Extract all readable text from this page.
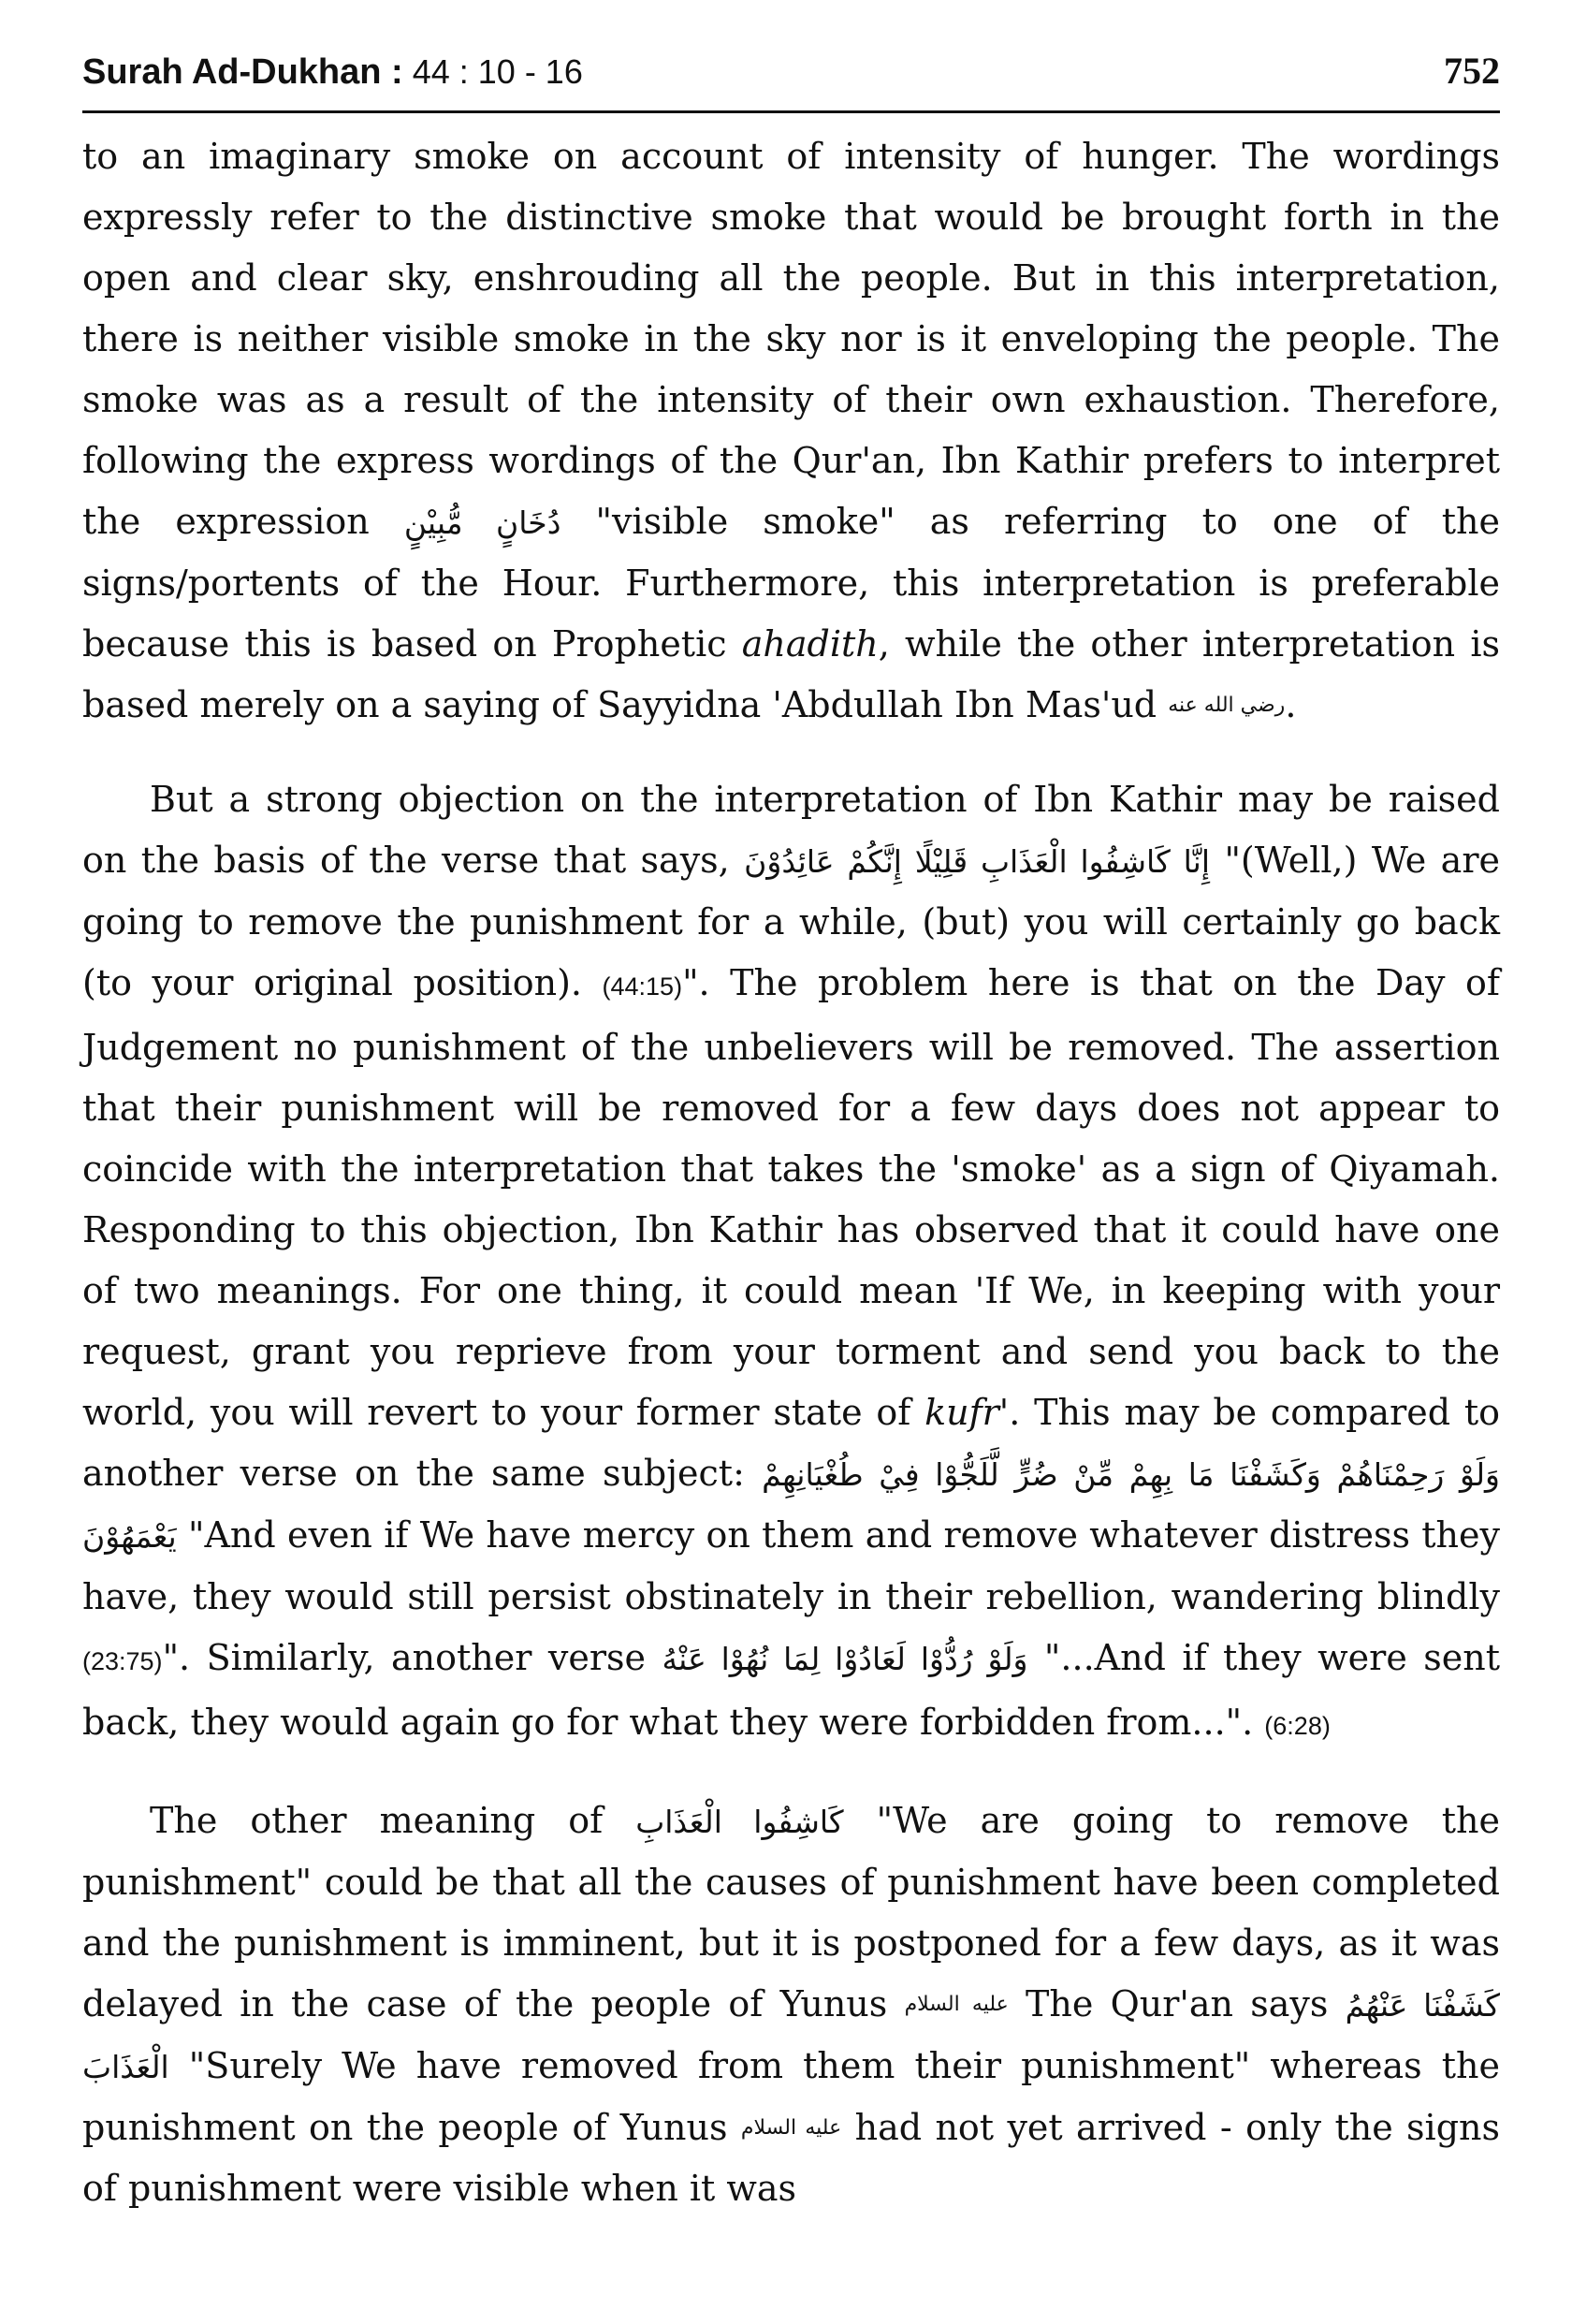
Surah Ad-Dukhan : 44 : 10 - 16	752

to an imaginary smoke on account of intensity of hunger. The wordings expressly refer to the distinctive smoke that would be brought forth in the open and clear sky, enshrouding all the people. But in this interpretation, there is neither visible smoke in the sky nor is it enveloping the people. The smoke was as a result of the intensity of their own exhaustion. Therefore, following the express wordings of the Qur'an, Ibn Kathir prefers to interpret the expression دُخَانٍ مُّبِيْنٍ "visible smoke" as referring to one of the signs/portents of the Hour. Furthermore, this interpretation is preferable because this is based on Prophetic ahadith, while the other interpretation is based merely on a saying of Sayyidna 'Abdullah Ibn Mas'ud رضي الله عنه.

But a strong objection on the interpretation of Ibn Kathir may be raised on the basis of the verse that says, إِنَّا كَاشِفُوا الْعَذَابِ قَلِيْلًا إِنَّكُمْ عَائِدُوْنَ "(Well,) We are going to remove the punishment for a while, (but) you will certainly go back (to your original position). (44:15)". The problem here is that on the Day of Judgement no punishment of the unbelievers will be removed. The assertion that their punishment will be removed for a few days does not appear to coincide with the interpretation that takes the 'smoke' as a sign of Qiyamah. Responding to this objection, Ibn Kathir has observed that it could have one of two meanings. For one thing, it could mean 'If We, in keeping with your request, grant you reprieve from your torment and send you back to the world, you will revert to your former state of kufr'. This may be compared to another verse on the same subject: وَلَوْ رَحِمْنَاهُمْ وَكَشَفْنَا مَا بِهِمْ مِّنْ ضُرٍّ لَّلَجُّوْا فِيْ طُغْيَانِهِمْ يَعْمَهُوْنَ "And even if We have mercy on them and remove whatever distress they have, they would still persist obstinately in their rebellion, wandering blindly (23:75)". Similarly, another verse وَلَوْ رُدُّوْا لَعَادُوْا لِمَا نُهُوْا عَنْهُ "...And if they were sent back, they would again go for what they were forbidden from...". (6:28)

The other meaning of كَاشِفُوا الْعَذَابِ "We are going to remove the punishment" could be that all the causes of punishment have been completed and the punishment is imminent, but it is postponed for a few days, as it was delayed in the case of the people of Yunus عليه السلام The Qur'an says كَشَفْنَا عَنْهُمُ الْعَذَابَ "Surely We have removed from them their punishment" whereas the punishment on the people of Yunus عليه السلام had not yet arrived - only the signs of punishment were visible when it was
